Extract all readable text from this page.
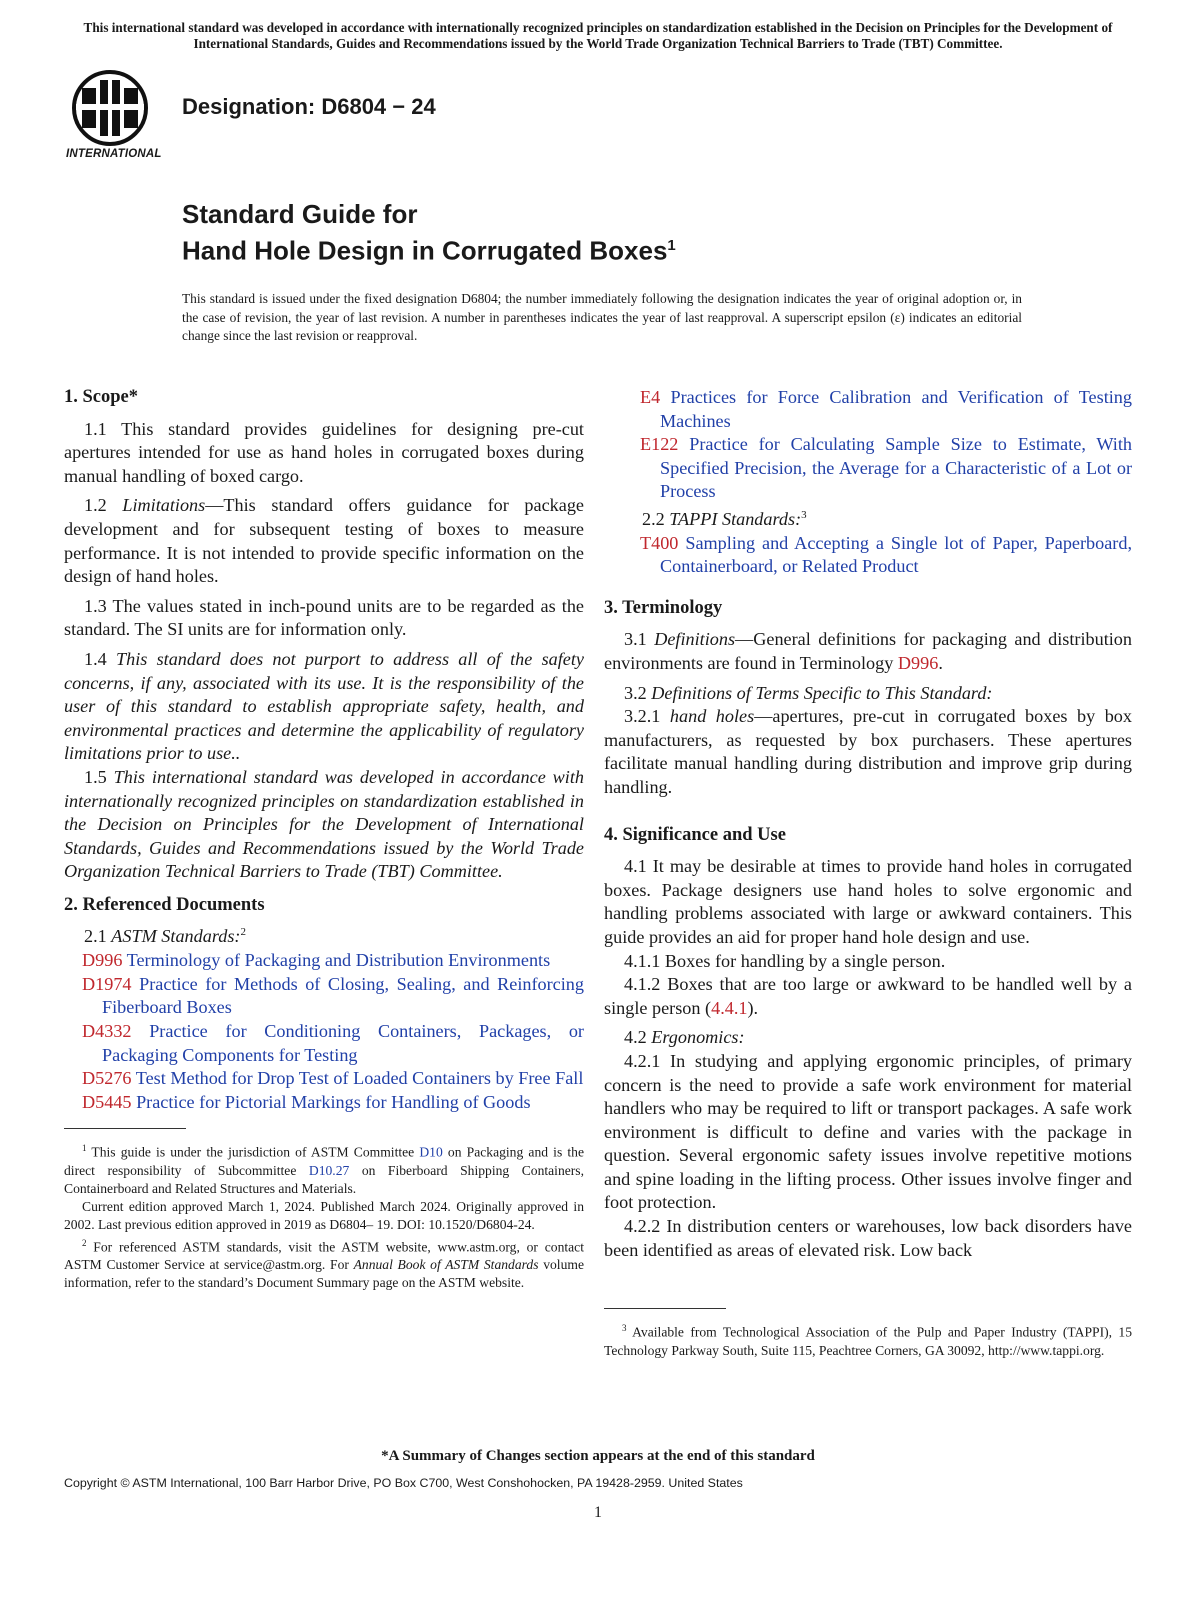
This international standard was developed in accordance with internationally recognized principles on standardization established in the Decision on Principles for the Development of International Standards, Guides and Recommendations issued by the World Trade Organization Technical Barriers to Trade (TBT) Committee.
INTERNATIONAL
Designation: D6804 − 24
Standard Guide for
Hand Hole Design in Corrugated Boxes$^1$
This standard is issued under the fixed designation D6804; the number immediately following the designation indicates the year of original adoption or, in the case of revision, the year of last revision. A number in parentheses indicates the year of last reapproval. A superscript epsilon (ε) indicates an editorial change since the last revision or reapproval.
1. Scope*

1.1 This standard provides guidelines for designing pre-cut apertures intended for use as hand holes in corrugated boxes during manual handling of boxed cargo.

1.2 Limitations—This standard offers guidance for package development and for subsequent testing of boxes to measure performance. It is not intended to provide specific information on the design of hand holes.

1.3 The values stated in inch-pound units are to be regarded as the standard. The SI units are for information only.

1.4 This standard does not purport to address all of the safety concerns, if any, associated with its use. It is the responsibility of the user of this standard to establish appropriate safety, health, and environmental practices and determine the applicability of regulatory limitations prior to use..

1.5 This international standard was developed in accordance with internationally recognized principles on standardization established in the Decision on Principles for the Development of International Standards, Guides and Recommendations issued by the World Trade Organization Technical Barriers to Trade (TBT) Committee.

2. Referenced Documents

2.1 ASTM Standards:$^2$

D996 Terminology of Packaging and Distribution Environments

D1974 Practice for Methods of Closing, Sealing, and Reinforcing Fiberboard Boxes

D4332 Practice for Conditioning Containers, Packages, or Packaging Components for Testing

D5276 Test Method for Drop Test of Loaded Containers by Free Fall

D5445 Practice for Pictorial Markings for Handling of Goods

$^1$ This guide is under the jurisdiction of ASTM Committee D10 on Packaging and is the direct responsibility of Subcommittee D10.27 on Fiberboard Shipping Containers, Containerboard and Related Structures and Materials.

Current edition approved March 1, 2024. Published March 2024. Originally approved in 2002. Last previous edition approved in 2019 as D6804– 19. DOI: 10.1520/D6804-24.

$^2$ For referenced ASTM standards, visit the ASTM website, www.astm.org, or contact ASTM Customer Service at service@astm.org. For Annual Book of ASTM Standards volume information, refer to the standard’s Document Summary page on the ASTM website.

E4 Practices for Force Calibration and Verification of Testing Machines

E122 Practice for Calculating Sample Size to Estimate, With Specified Precision, the Average for a Characteristic of a Lot or Process

2.2 TAPPI Standards:$^3$

T400 Sampling and Accepting a Single lot of Paper, Paperboard, Containerboard, or Related Product

3. Terminology

3.1 Definitions—General definitions for packaging and distribution environments are found in Terminology D996.

3.2 Definitions of Terms Specific to This Standard:

3.2.1 hand holes—apertures, pre-cut in corrugated boxes by box manufacturers, as requested by box purchasers. These apertures facilitate manual handling during distribution and improve grip during handling.

4. Significance and Use

4.1 It may be desirable at times to provide hand holes in corrugated boxes. Package designers use hand holes to solve ergonomic and handling problems associated with large or awkward containers. This guide provides an aid for proper hand hole design and use.

4.1.1 Boxes for handling by a single person.

4.1.2 Boxes that are too large or awkward to be handled well by a single person (4.4.1).

4.2 Ergonomics:

4.2.1 In studying and applying ergonomic principles, of primary concern is the need to provide a safe work environment for material handlers who may be required to lift or transport packages. A safe work environment is difficult to define and varies with the package in question. Several ergonomic safety issues involve repetitive motions and spine loading in the lifting process. Other issues involve finger and foot protection.

4.2.2 In distribution centers or warehouses, low back disorders have been identified as areas of elevated risk. Low back

$^3$ Available from Technological Association of the Pulp and Paper Industry (TAPPI), 15 Technology Parkway South, Suite 115, Peachtree Corners, GA 30092, http://www.tappi.org.

*A Summary of Changes section appears at the end of this standard
Copyright © ASTM International, 100 Barr Harbor Drive, PO Box C700, West Conshohocken, PA 19428-2959. United States
1
